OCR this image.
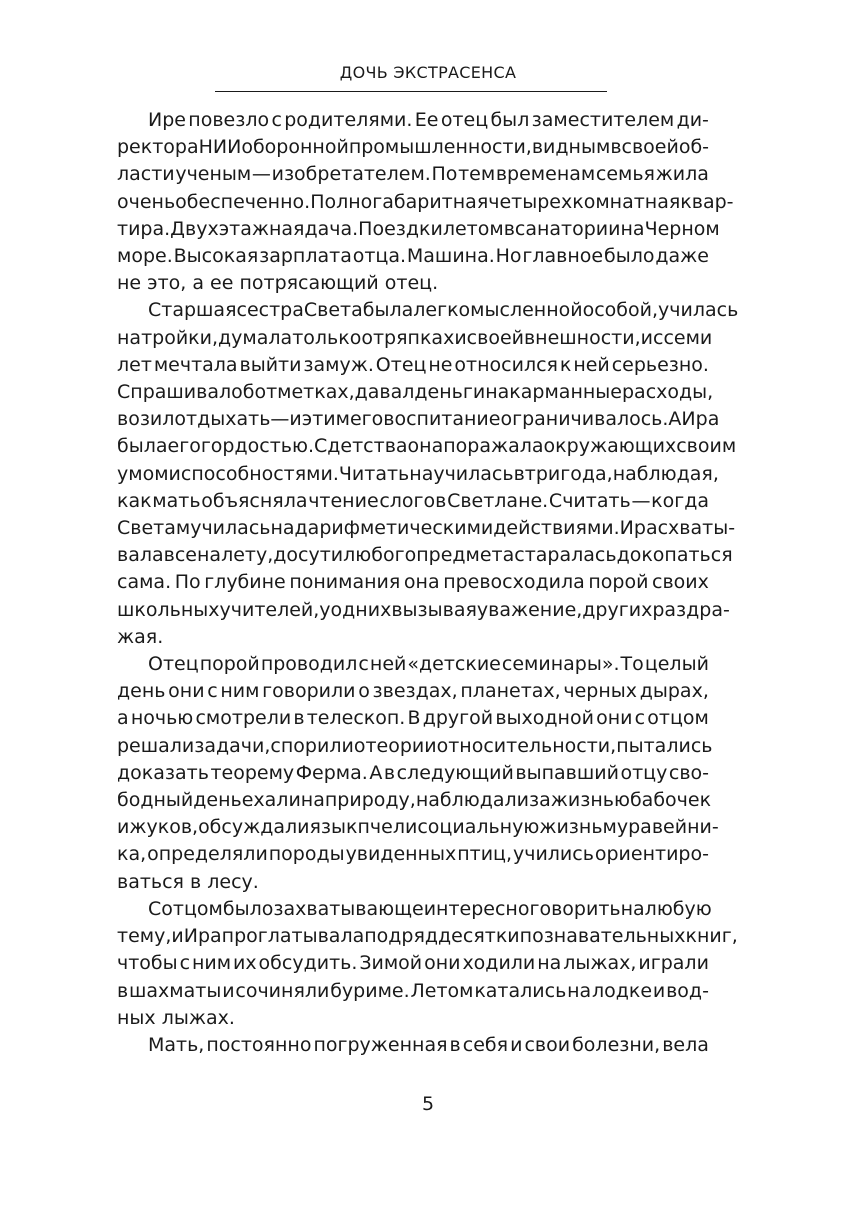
ДОЧЬ ЭКСТРАСЕНСА
Ире повезло с родителями. Ее отец был заместителем ди-
ректора НИИ оборонной промышленности, видным в своей об-
ласти ученым — изобретателем. По тем временам семья жила
очень обеспеченно. Полногабаритная четырехкомнатная квар-
тира. Двухэтажная дача. Поездки летом в санатории на Черном
море. Высокая зарплата отца. Машина. Но главное было даже
не это, а ее потрясающий отец.
Старшая сестра Света была легкомысленной особой, училась
на тройки, думала только о тряпках и своей внешности, и с семи
лет мечтала выйти замуж. Отец не относился к ней серьезно.
Спрашивал об отметках, давал деньги на карманные расходы,
возил отдыхать — и этим его воспитание ограничивалось. А Ира
была его гордостью. С детства она поражала окружающих своим
умом и способностями. Читать научилась в три года, наблюдая,
как мать объясняла чтение слогов Светлане. Считать — когда
Света мучилась над арифметическими действиями. Ира схваты-
вала все на лету, до сути любого предмета старалась докопаться
сама. По глубине понимания она превосходила порой своих
школьных учителей, у одних вызывая уважение, других раздра-
жая.
Отец порой проводил с ней «детские семинары». То целый
день они с ним говорили о звездах, планетах, черных дырах,
а ночью смотрели в телескоп. В другой выходной они с отцом
решали задачи, спорили о теории относительности, пытались
доказать теорему Ферма. А в следующий выпавший отцу сво-
бодный день ехали на природу, наблюдали за жизнью бабочек
и жуков, обсуждали язык пчел и социальную жизнь муравейни-
ка, определяли породы увиденных птиц, учились ориентиро-
ваться в лесу.
С отцом было захватывающе интересно говорить на любую
тему, и Ира проглатывала подряд десятки познавательных книг,
чтобы с ним их обсудить. Зимой они ходили на лыжах, играли
в шахматы и сочиняли буриме. Летом катались на лодке и вод-
ных лыжах.
Мать, постоянно погруженная в себя и свои болезни, вела
5
